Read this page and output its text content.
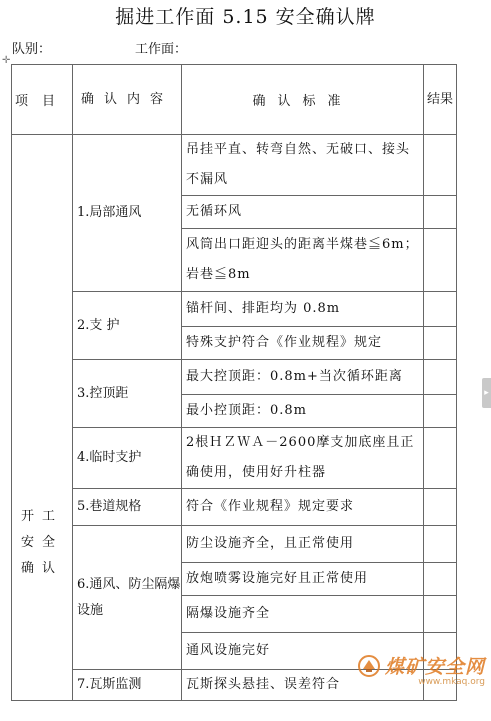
掘进工作面 5.15 安全确认牌
队别：	工作面：
✛
项目	确认内容	确认标准	结果
开工安全确认	1.局部通风	吊挂平直、转弯自然、无破口、接头不漏风	
		无循环风	
		风筒出口距迎头的距离半煤巷≦6m；岩巷≦8m	
	2.支 护	锚杆间、排距均为 0.8m	
		特殊支护符合《作业规程》规定	
	3.控顶距	最大控顶距：0.8m+当次循环距离	
		最小控顶距：0.8m	
	4.临时支护	2根ＨＺＷＡ－2600摩支加底座且正确使用，使用好升柱器	
	5.巷道规格	符合《作业规程》规定要求	
	6.通风、防尘隔爆设施	防尘设施齐全，且正常使用	
		放炮喷雾设施完好且正常使用	
		隔爆设施齐全	
		通风设施完好	
	7.瓦斯监测	瓦斯探头悬挂、误差符合	
▸
煤矿安全网
www.mkaq.org
